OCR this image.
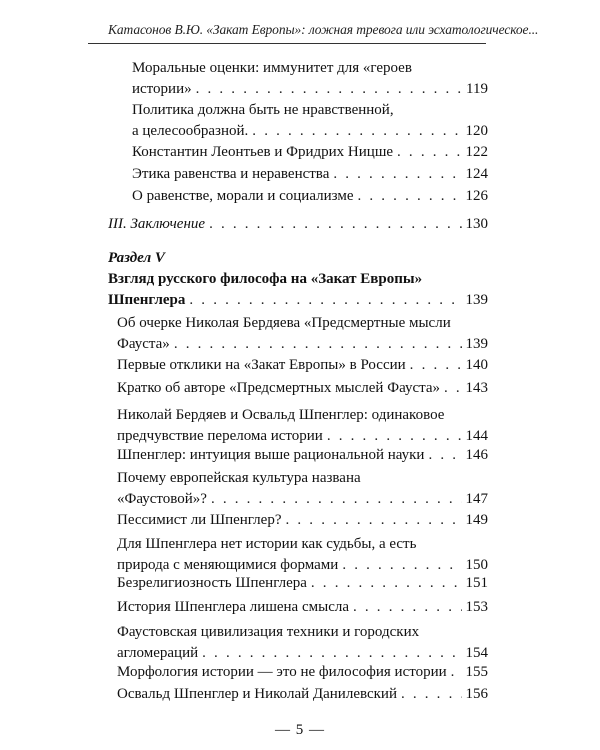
Катасонов В.Ю. «Закат Европы»: ложная тревога или эсхатологическое...
Моральные оценки: иммунитет для «героев
истории» . . .	119
Политика должна быть не нравственной,
а целесообразной. . . .	120
Константин Леонтьев и Фридрих Ницше . . .	122
Этика равенства и неравенства . . .	124
О равенстве, морали и социализме . . .	126
III. Заключение . . .	130
Раздел V
Взгляд русского философа на «Закат Европы»
Шпенглера . . .	139
Об очерке Николая Бердяева «Предсмертные мысли
Фауста» . . .	139
Первые отклики на «Закат Европы» в России . . .	140
Кратко об авторе «Предсмертных мыслей Фауста» . . . 143
Николай Бердяев и Освальд Шпенглер: одинаковое
предчувствие перелома истории . . .	144
Шпенглер: интуиция выше рациональной науки . . .	146
Почему европейская культура названа
«Фаустовой»? . . .	147
Пессимист ли Шпенглер? . . .	149
Для Шпенглера нет истории как судьбы, а есть
природа с меняющимися формами . . .	150
Безрелигиозность Шпенглера . . .	151
История Шпенглера лишена смысла . . .	153
Фаустовская цивилизация техники и городских
агломераций . . .	154
Морфология истории — это не философия истории . . . 155
Освальд Шпенглер и Николай Данилевский . . .	156
— 5 —
